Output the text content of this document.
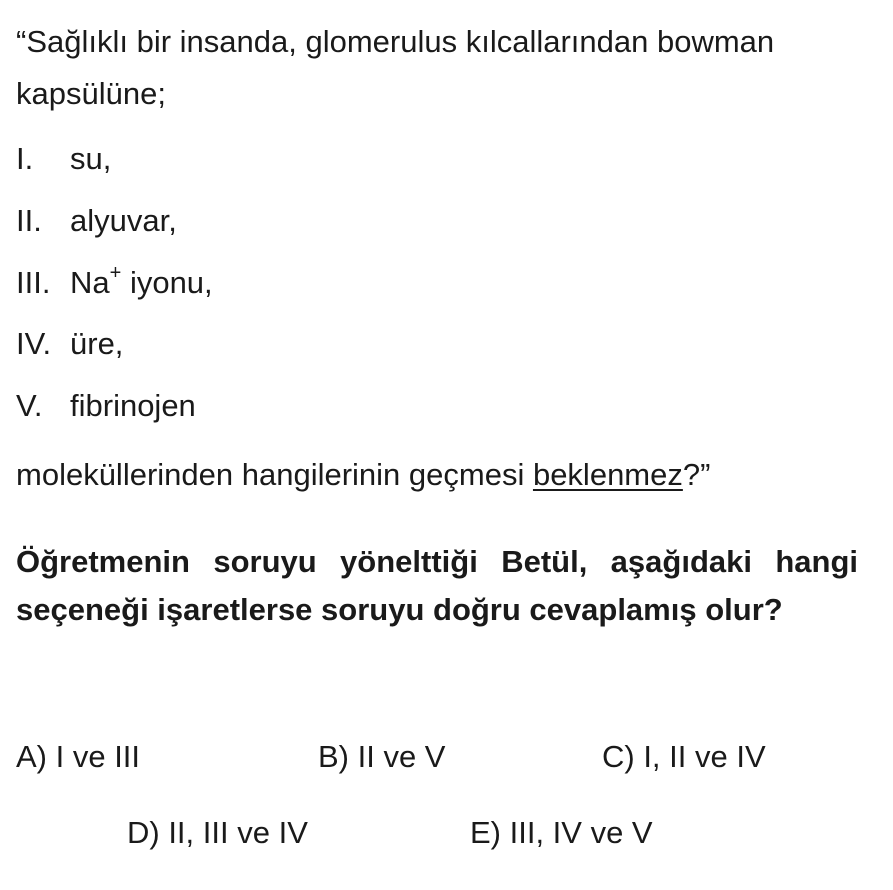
“Sağlıklı bir insanda, glomerulus kılcallarından bowman
kapsülüne;
I. su,
II. alyuvar,
III. Na+ iyonu,
IV. üre,
V. fibrinojen
moleküllerinden hangilerinin geçmesi beklenmez?”
Öğretmenin soruyu yönelttiği Betül, aşağıdaki hangi seçeneği işaretlerse soruyu doğru cevaplamış olur?
A) I ve III	B) II ve V	C) I, II ve IV
D) II, III ve IV	E) III, IV ve V
